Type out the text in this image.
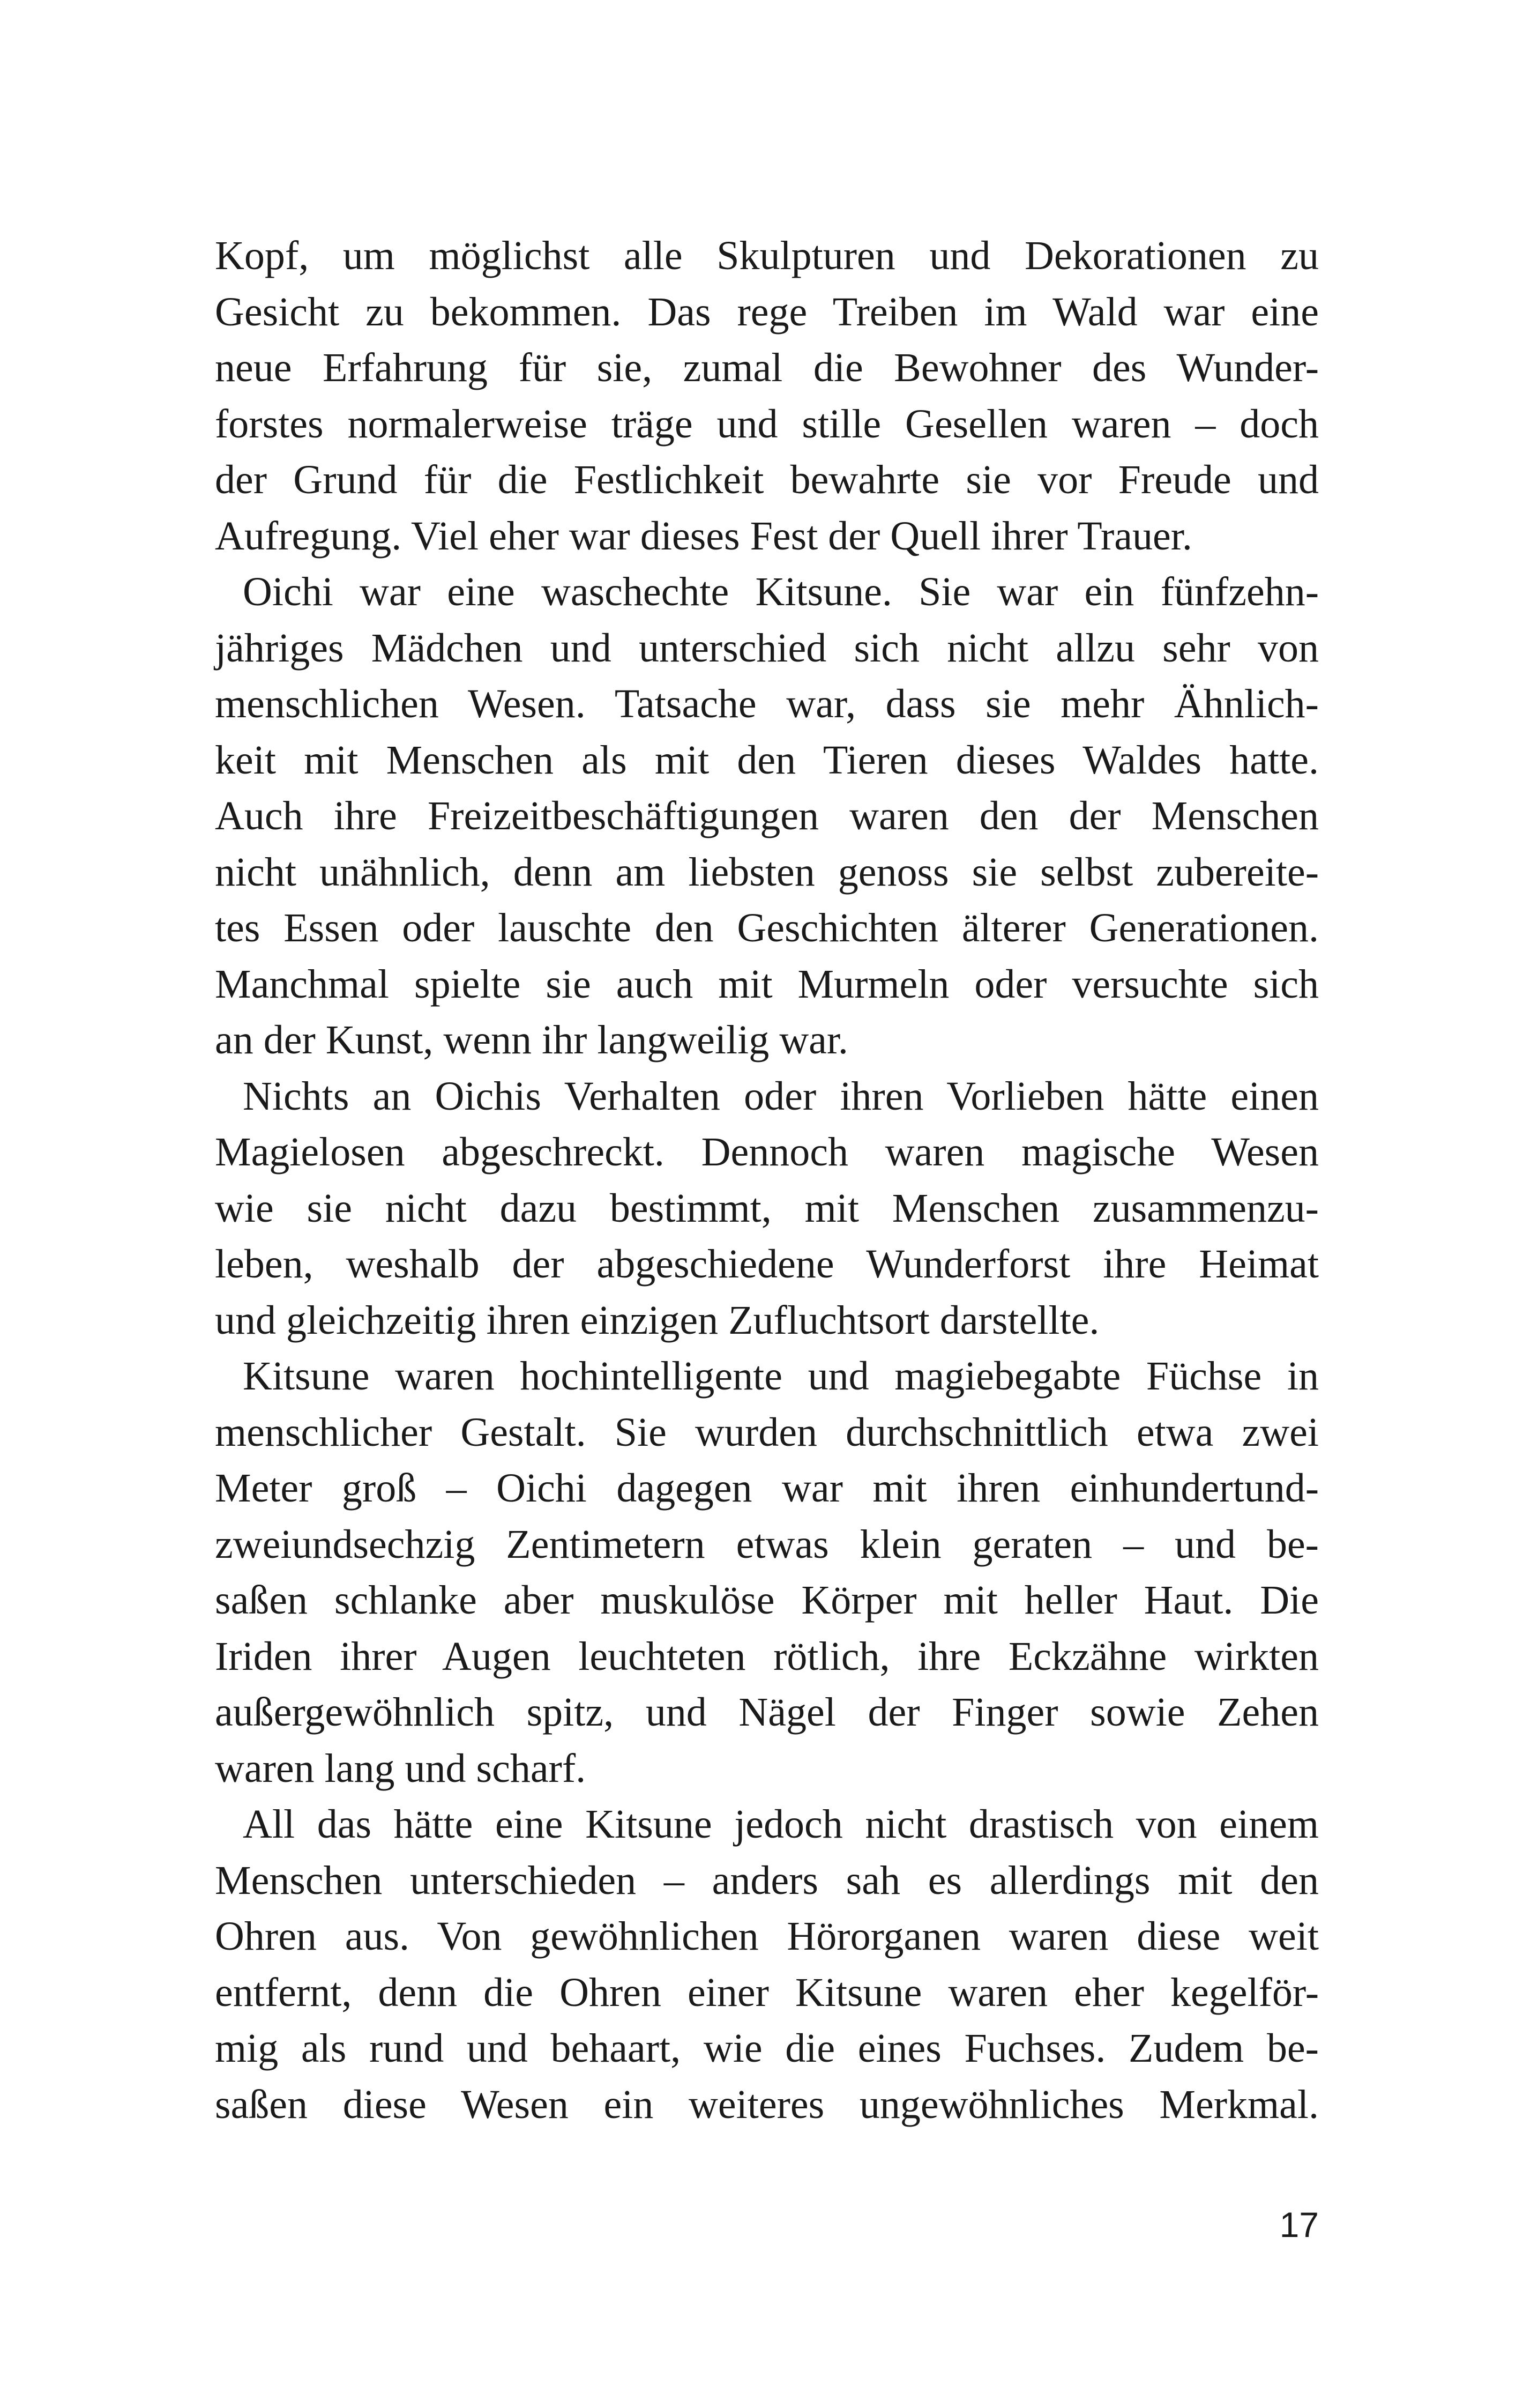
Kopf, um möglichst alle Skulpturen und Dekorationen zu
Gesicht zu bekommen. Das rege Treiben im Wald war eine
neue Erfahrung für sie, zumal die Bewohner des Wunder-
forstes normalerweise träge und stille Gesellen waren – doch
der Grund für die Festlichkeit bewahrte sie vor Freude und
Aufregung. Viel eher war dieses Fest der Quell ihrer Trauer.
Oichi war eine waschechte Kitsune. Sie war ein fünfzehn-
jähriges Mädchen und unterschied sich nicht allzu sehr von
menschlichen Wesen. Tatsache war, dass sie mehr Ähnlich-
keit mit Menschen als mit den Tieren dieses Waldes hatte.
Auch ihre Freizeitbeschäftigungen waren den der Menschen
nicht unähnlich, denn am liebsten genoss sie selbst zubereite-
tes Essen oder lauschte den Geschichten älterer Generationen.
Manchmal spielte sie auch mit Murmeln oder versuchte sich
an der Kunst, wenn ihr langweilig war.
Nichts an Oichis Verhalten oder ihren Vorlieben hätte einen
Magielosen abgeschreckt. Dennoch waren magische Wesen
wie sie nicht dazu bestimmt, mit Menschen zusammenzu-
leben, weshalb der abgeschiedene Wunderforst ihre Heimat
und gleichzeitig ihren einzigen Zufluchtsort darstellte.
Kitsune waren hochintelligente und magiebegabte Füchse in
menschlicher Gestalt. Sie wurden durchschnittlich etwa zwei
Meter groß – Oichi dagegen war mit ihren einhundertund-
zweiundsechzig Zentimetern etwas klein geraten – und be-
saßen schlanke aber muskulöse Körper mit heller Haut. Die
Iriden ihrer Augen leuchteten rötlich, ihre Eckzähne wirkten
außergewöhnlich spitz, und Nägel der Finger sowie Zehen
waren lang und scharf.
All das hätte eine Kitsune jedoch nicht drastisch von einem
Menschen unterschieden – anders sah es allerdings mit den
Ohren aus. Von gewöhnlichen Hörorganen waren diese weit
entfernt, denn die Ohren einer Kitsune waren eher kegelför-
mig als rund und behaart, wie die eines Fuchses. Zudem be-
saßen diese Wesen ein weiteres ungewöhnliches Merkmal.
17
